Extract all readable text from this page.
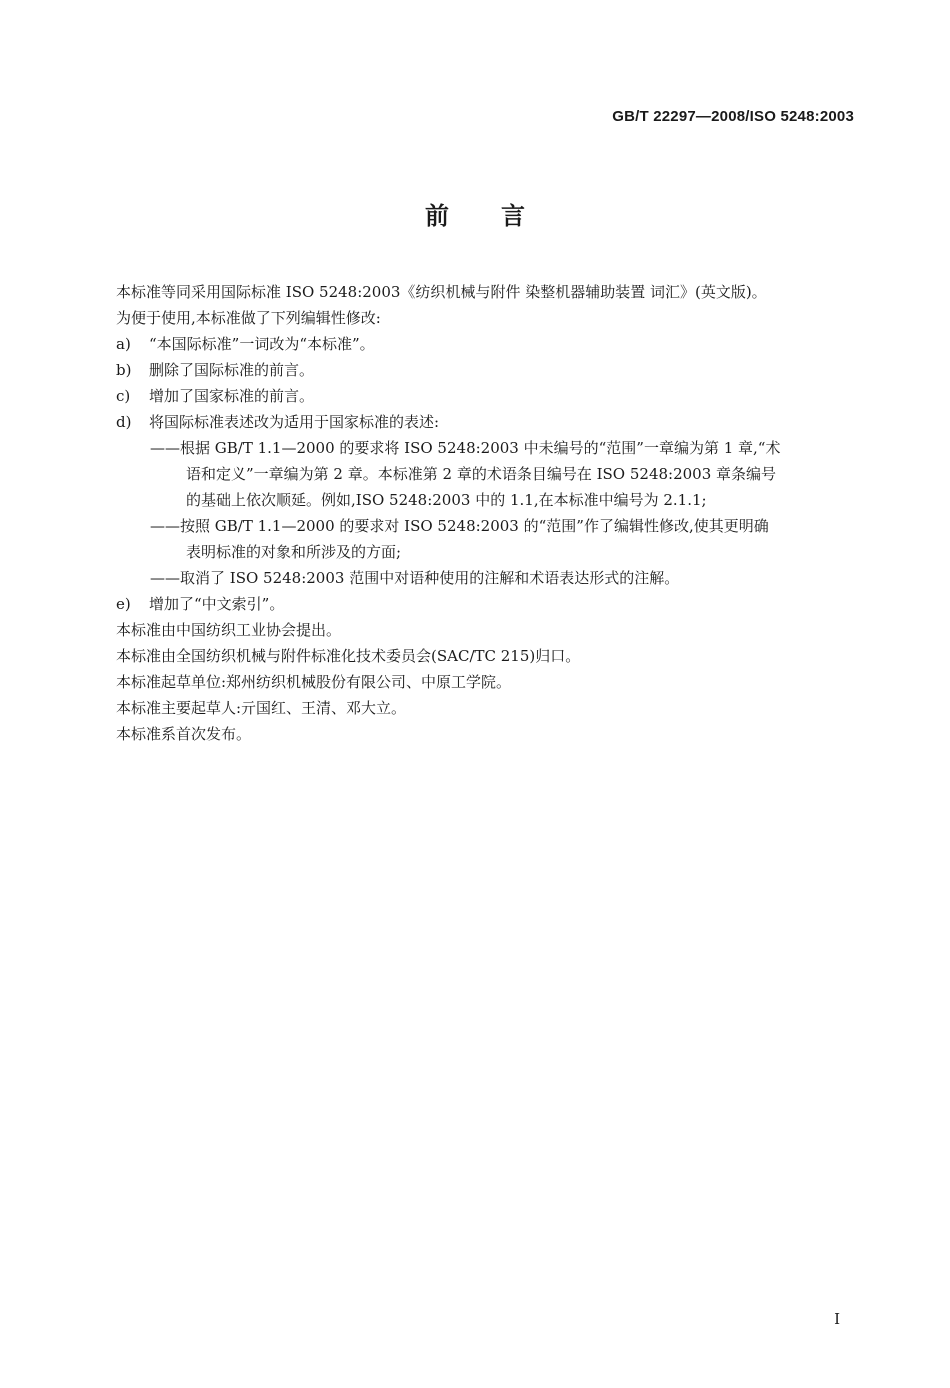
GB/T 22297—2008/ISO 5248:2003
前言
本标准等同采用国际标准 ISO 5248:2003《纺织机械与附件 染整机器辅助装置 词汇》(英文版)。
为便于使用,本标准做了下列编辑性修改:
a)	“本国际标准”一词改为“本标准”。
b)	删除了国际标准的前言。
c)	增加了国家标准的前言。
d)	将国际标准表述改为适用于国家标准的表述:
——根据 GB/T 1.1—2000 的要求将 ISO 5248:2003 中未编号的“范围”一章编为第 1 章,“术
语和定义”一章编为第 2 章。本标准第 2 章的术语条目编号在 ISO 5248:2003 章条编号
的基础上依次顺延。例如,ISO 5248:2003 中的 1.1,在本标准中编号为 2.1.1;
——按照 GB/T 1.1—2000 的要求对 ISO 5248:2003 的“范围”作了编辑性修改,使其更明确
表明标准的对象和所涉及的方面;
——取消了 ISO 5248:2003 范围中对语种使用的注解和术语表达形式的注解。
e)	增加了“中文索引”。
本标准由中国纺织工业协会提出。
本标准由全国纺织机械与附件标准化技术委员会(SAC/TC 215)归口。
本标准起草单位:郑州纺织机械股份有限公司、中原工学院。
本标准主要起草人:亓国红、王清、邓大立。
本标准系首次发布。
I
